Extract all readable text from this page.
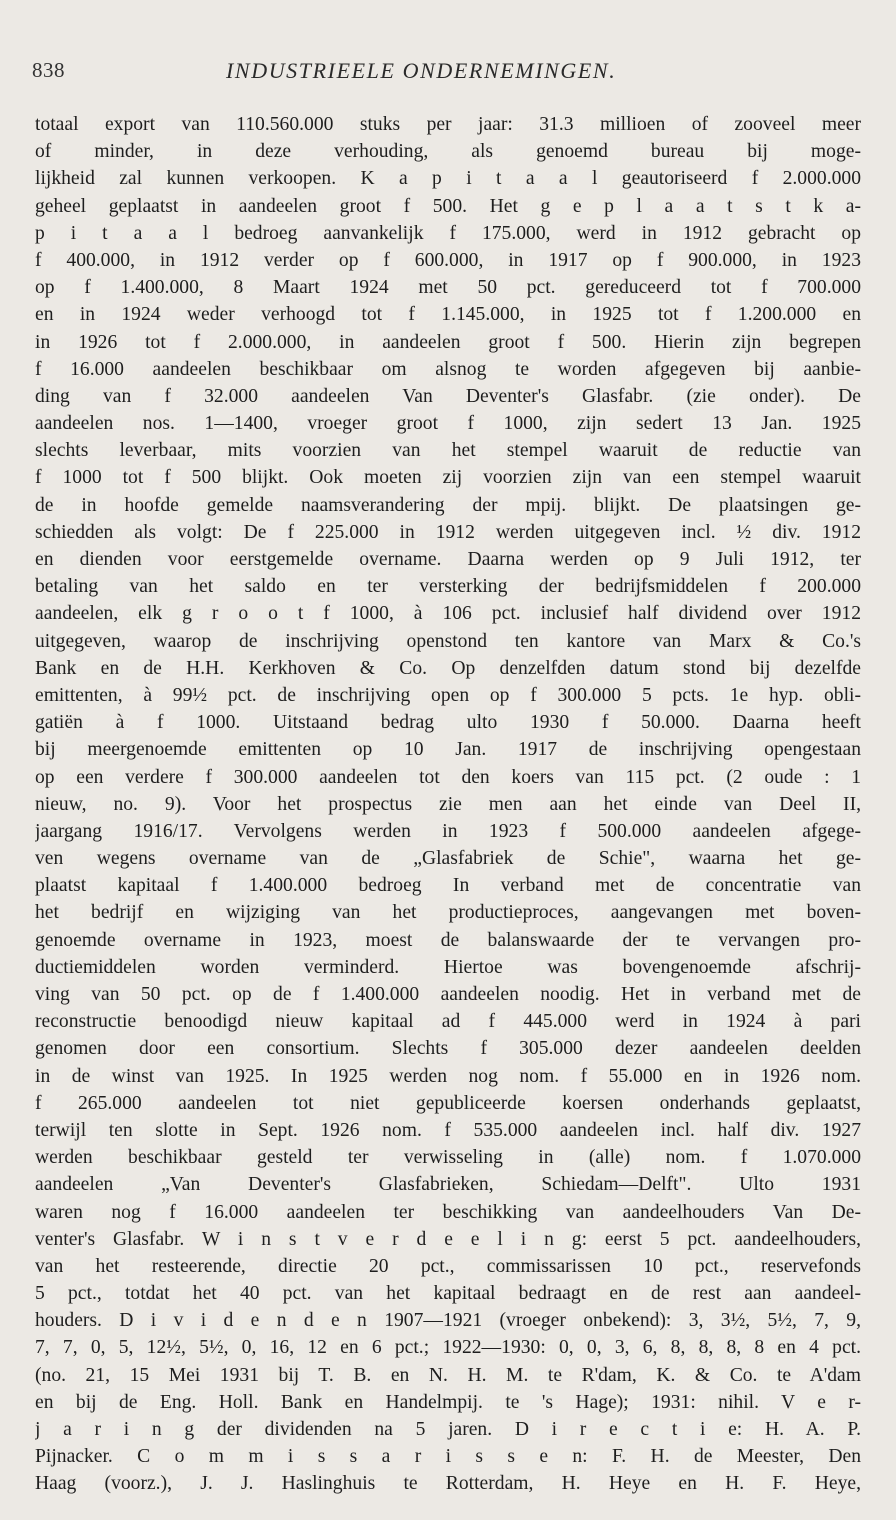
838	INDUSTRIEELE ONDERNEMINGEN.
totaal export van 110.560.000 stuks per jaar: 31.3 millioen of zooveel meer
of minder, in deze verhouding, als genoemd bureau bij moge-
lijkheid zal kunnen verkoopen. K a p i t a a l geautoriseerd f 2.000.000
geheel geplaatst in aandeelen groot f 500. Het g e p l a a t s t k a-
p i t a a l bedroeg aanvankelijk f 175.000, werd in 1912 gebracht op
f 400.000, in 1912 verder op f 600.000, in 1917 op f 900.000, in 1923
op f 1.400.000, 8 Maart 1924 met 50 pct. gereduceerd tot f 700.000
en in 1924 weder verhoogd tot f 1.145.000, in 1925 tot f 1.200.000 en
in 1926 tot f 2.000.000, in aandeelen groot f 500. Hierin zijn begrepen
f 16.000 aandeelen beschikbaar om alsnog te worden afgegeven bij aanbie-
ding van f 32.000 aandeelen Van Deventer's Glasfabr. (zie onder). De
aandeelen nos. 1—1400, vroeger groot f 1000, zijn sedert 13 Jan. 1925
slechts leverbaar, mits voorzien van het stempel waaruit de reductie van
f 1000 tot f 500 blijkt. Ook moeten zij voorzien zijn van een stempel waaruit
de in hoofde gemelde naamsverandering der mpij. blijkt. De plaatsingen ge-
schiedden als volgt: De f 225.000 in 1912 werden uitgegeven incl. ½ div. 1912
en dienden voor eerstgemelde overname. Daarna werden op 9 Juli 1912, ter
betaling van het saldo en ter versterking der bedrijfsmiddelen f 200.000
aandeelen, elk g r o o t f 1000, à 106 pct. inclusief half dividend over 1912
uitgegeven, waarop de inschrijving openstond ten kantore van Marx & Co.'s
Bank en de H.H. Kerkhoven & Co. Op denzelfden datum stond bij dezelfde
emittenten, à 99½ pct. de inschrijving open op f 300.000 5 pcts. 1e hyp. obli-
gatiën à f 1000. Uitstaand bedrag ulto 1930 f 50.000. Daarna heeft
bij meergenoemde emittenten op 10 Jan. 1917 de inschrijving opengestaan
op een verdere f 300.000 aandeelen tot den koers van 115 pct. (2 oude : 1
nieuw, no. 9). Voor het prospectus zie men aan het einde van Deel II,
jaargang 1916/17. Vervolgens werden in 1923 f 500.000 aandeelen afgege-
ven wegens overname van de „Glasfabriek de Schie", waarna het ge-
plaatst kapitaal f 1.400.000 bedroeg In verband met de concentratie van
het bedrijf en wijziging van het productieproces, aangevangen met boven-
genoemde overname in 1923, moest de balanswaarde der te vervangen pro-
ductiemiddelen worden verminderd. Hiertoe was bovengenoemde afschrij-
ving van 50 pct. op de f 1.400.000 aandeelen noodig. Het in verband met de
reconstructie benoodigd nieuw kapitaal ad f 445.000 werd in 1924 à pari
genomen door een consortium. Slechts f 305.000 dezer aandeelen deelden
in de winst van 1925. In 1925 werden nog nom. f 55.000 en in 1926 nom.
f 265.000 aandeelen tot niet gepubliceerde koersen onderhands geplaatst,
terwijl ten slotte in Sept. 1926 nom. f 535.000 aandeelen incl. half div. 1927
werden beschikbaar gesteld ter verwisseling in (alle) nom. f 1.070.000
aandeelen „Van Deventer's Glasfabrieken, Schiedam—Delft". Ulto 1931
waren nog f 16.000 aandeelen ter beschikking van aandeelhouders Van De-
venter's Glasfabr. W i n s t v e r d e e l i n g: eerst 5 pct. aandeelhouders,
van het resteerende, directie 20 pct., commissarissen 10 pct., reservefonds
5 pct., totdat het 40 pct. van het kapitaal bedraagt en de rest aan aandeel-
houders. D i v i d e n d e n 1907—1921 (vroeger onbekend): 3, 3½, 5½, 7, 9,
7, 7, 0, 5, 12½, 5½, 0, 16, 12 en 6 pct.; 1922—1930: 0, 0, 3, 6, 8, 8, 8, 8 en 4 pct.
(no. 21, 15 Mei 1931 bij T. B. en N. H. M. te R'dam, K. & Co. te A'dam
en bij de Eng. Holl. Bank en Handelmpij. te 's Hage); 1931: nihil. V e r-
j a r i n g der dividenden na 5 jaren. D i r e c t i e: H. A. P.
Pijnacker. C o m m i s s a r i s s e n: F. H. de Meester, Den
Haag (voorz.), J. J. Haslinghuis te Rotterdam, H. Heye en H. F. Heye,
